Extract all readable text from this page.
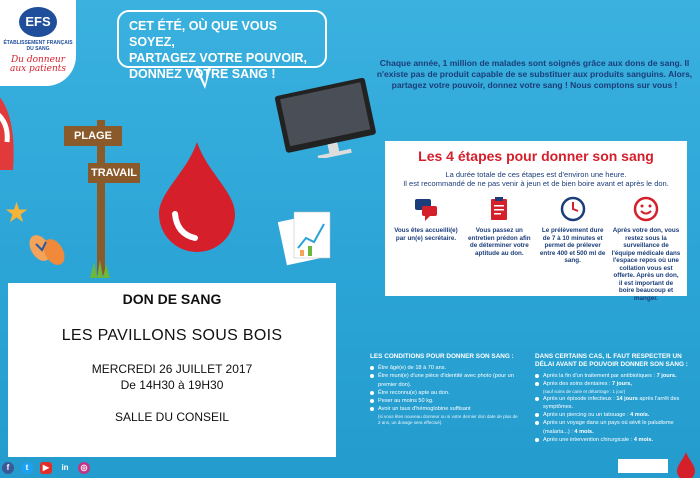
EFS
ÉTABLISSEMENT FRANÇAIS DU SANG
Du donneur aux patients
★
PLAGE
TRAVAIL
CET ÉTÉ, OÙ QUE VOUS SOYEZ,
PARTAGEZ VOTRE POUVOIR,
DONNEZ VOTRE SANG !
Chaque année, 1 million de malades sont soignés grâce aux dons de sang. Il n'existe pas de produit capable de se substituer aux produits sanguins. Alors, partagez votre pouvoir, donnez votre sang ! Nous comptons sur vous !
Les 4 étapes pour donner son sang
La durée totale de ces étapes est d'environ une heure.
Il est recommandé de ne pas venir à jeun et de bien boire avant et après le don.

Vous êtes accueilli(e) par un(e) secrétaire.

Vous passez un entretien prédon afin de déterminer votre aptitude au don.

Le prélèvement dure de 7 à 10 minutes et permet de prélever entre 400 et 500 ml de sang.

Après votre don, vous restez sous la surveillance de l'équipe médicale dans l'espace repos où une collation vous est offerte. Après un don, il est important de boire beaucoup et manger.

DON DE SANG
LES PAVILLONS SOUS BOIS
MERCREDI 26 JUILLET 2017
De 14H30 à 19H30
SALLE DU CONSEIL
LES CONDITIONS POUR DONNER SON SANG :
Être âgé(e) de 18 à 70 ans.
Être muni(e) d'une pièce d'identité avec photo (pour un premier don).
Être reconnu(e) apte au don.
Peser au moins 50 kg.
Avoir un taux d'hémoglobine suffisant
(si vous êtes nouveau donneur ou si votre dernier don date de plus de 2 ans, un dosage sera effectué).
DANS CERTAINS CAS, IL FAUT RESPECTER UN DÉLAI AVANT DE POUVOIR DONNER SON SANG :
Après la fin d'un traitement par antibiotiques : 7 jours.
Après des soins dentaires : 7 jours,
(sauf soins de carie et détartrage : 1 jour)
Après un épisode infectieux : 14 jours après l'arrêt des symptômes.
Après un piercing ou un tatouage : 4 mois.
Après un voyage dans un pays où sévit le paludisme (malaria...) : 4 mois.
Après une intervention chirurgicale : 4 mois.
f	t	▶	in	◎
